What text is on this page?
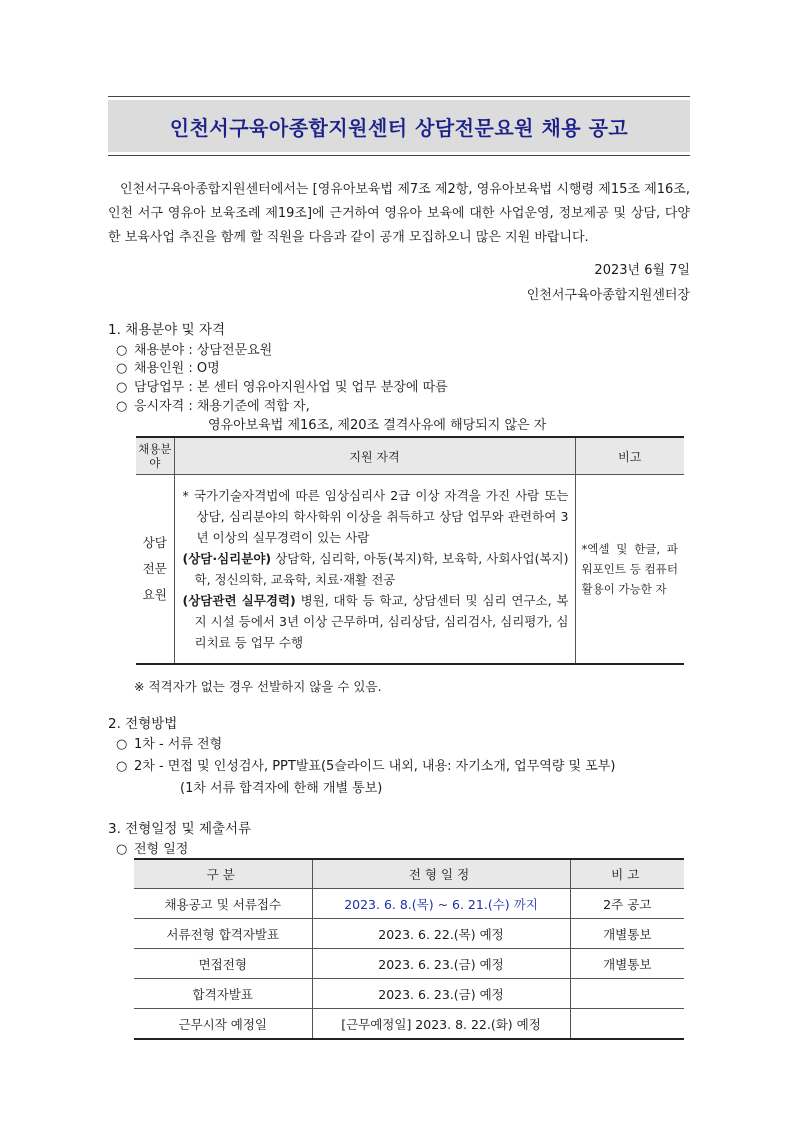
인천서구육아종합지원센터 상담전문요원 채용 공고
인천서구육아종합지원센터에서는 [영유아보육법 제7조 제2항, 영유아보육법 시행령 제15조 제16조, 인천 서구 영유아 보육조례 제19조]에 근거하여 영유아 보육에 대한 사업운영, 정보제공 및 상담, 다양한 보육사업 추진을 함께 할 직원을 다음과 같이 공개 모집하오니 많은 지원 바랍니다.
2023년 6월 7일
인천서구육아종합지원센터장
1. 채용분야 및 자격
○ 채용분야 : 상담전문요원
○ 채용인원 : O명
○ 담당업무 : 본 센터 영유아지원사업 및 업무 분장에 따름
○ 응시자격 : 채용기준에 적합 자,
영유아보육법 제16조, 제20조 결격사유에 해당되지 않은 자
채용분야	지원 자격	비고
상담전문요원	* 국가기술자격법에 따른 임상심리사 2급 이상 자격을 가진 사람 또는 상담, 심리분야의 학사학위 이상을 취득하고 상담 업무와 관련하여 3년 이상의 실무경력이 있는 사람

(상담·심리분야) 상담학, 심리학, 아동(복지)학, 보육학, 사회사업(복지)학, 정신의학, 교육학, 치료·재활 전공

(상담관련 실무경력) 병원, 대학 등 학교, 상담센터 및 심리 연구소, 복지 시설 등에서 3년 이상 근무하며, 심리상담, 심리검사, 심리평가, 심리치료 등 업무 수행	*엑셀 및 한글, 파워포인트 등 컴퓨터 활용이 가능한 자
※ 적격자가 없는 경우 선발하지 않을 수 있음.
2. 전형방법
○ 1차 - 서류 전형
○ 2차 - 면접 및 인성검사, PPT발표(5슬라이드 내외, 내용: 자기소개, 업무역량 및 포부)
(1차 서류 합격자에 한해 개별 통보)
3. 전형일정 및 제출서류
○ 전형 일정
구분	전형일정	비고
채용공고 및 서류접수	2023. 6. 8.(목) ~ 6. 21.(수) 까지	2주 공고
서류전형 합격자발표	2023. 6. 22.(목) 예정	개별통보
면접전형	2023. 6. 23.(금) 예정	개별통보
합격자발표	2023. 6. 23.(금) 예정	
근무시작 예정일	[근무예정일] 2023. 8. 22.(화) 예정	
